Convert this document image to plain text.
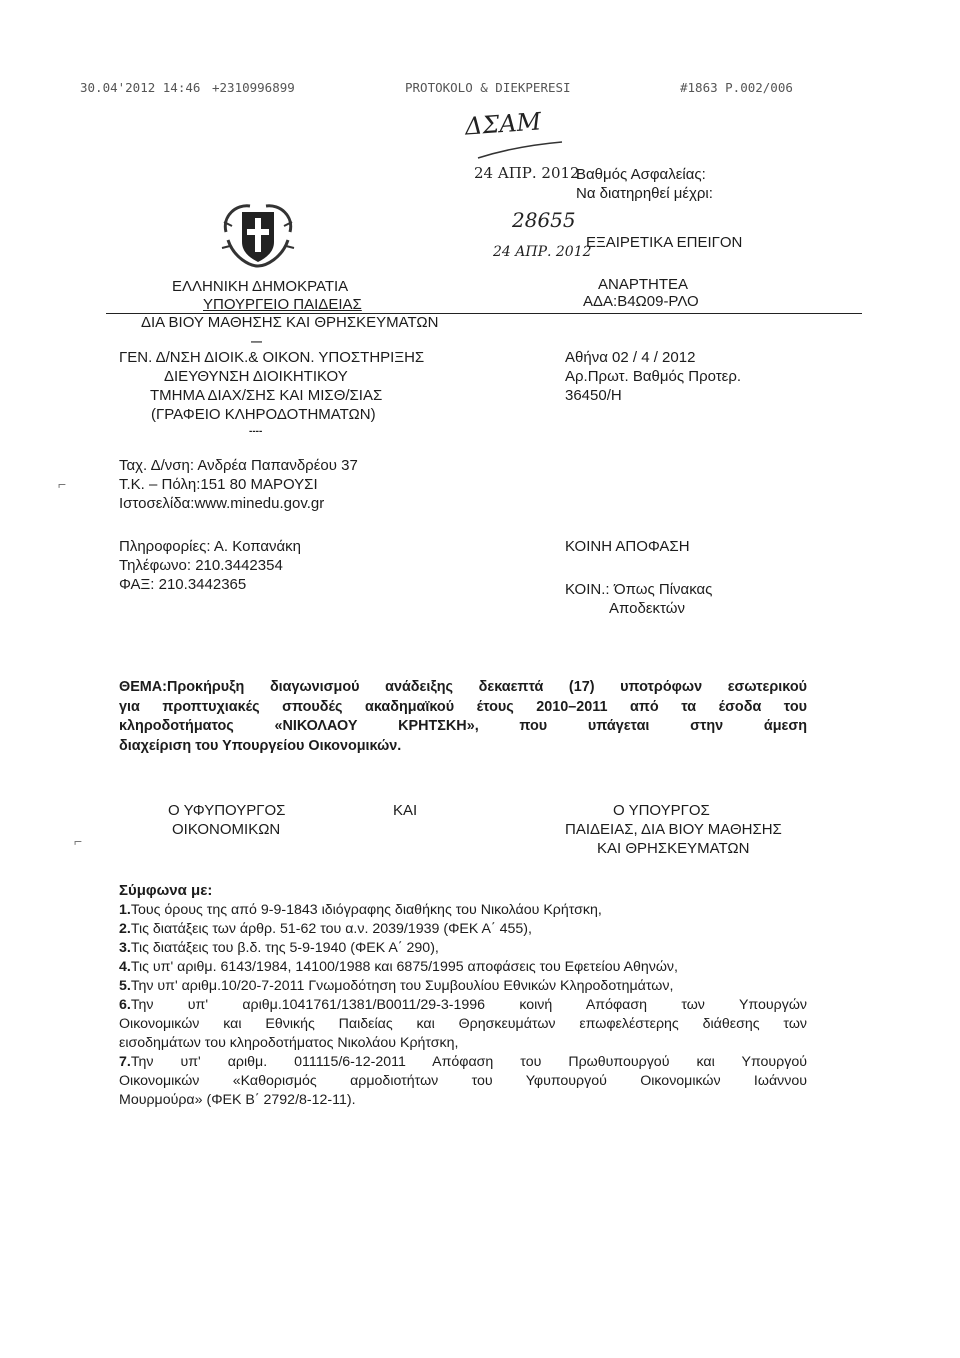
30.04'2012 14:46 +2310996899	PROTOKOLO & DIEKPERESI	#1863 P.002/006
ΔΣΑΜ
24 ΑΠΡ. 2012
28655
24 ΑΠΡ. 2012
Βαθμός Ασφαλείας:
Να διατηρηθεί μέχρι:
ΕΞΑΙΡΕΤΙΚΑ ΕΠΕΙΓΟΝ
ΑΝΑΡΤΗΤΕΑ
ΑΔΑ:Β4Ω09-ΡΛΟ
ΕΛΛΗΝΙΚΗ ΔΗΜΟΚΡΑΤΙΑ
ΥΠΟΥΡΓΕΙΟ ΠΑΙΔΕΙΑΣ
ΔΙΑ ΒΙΟΥ ΜΑΘΗΣΗΣ ΚΑΙ ΘΡΗΣΚΕΥΜΑΤΩΝ
—
ΓΕΝ. Δ/ΝΣΗ ΔΙΟΙΚ.& ΟΙΚΟΝ. ΥΠΟΣΤΗΡΙΞΗΣ
ΔΙΕΥΘΥΝΣΗ ΔΙΟΙΚΗΤΙΚΟΥ
ΤΜΗΜΑ ΔΙΑΧ/ΣΗΣ ΚΑΙ ΜΙΣΘ/ΣΙΑΣ
(ΓΡΑΦΕΙΟ ΚΛΗΡΟΔΟΤΗΜΑΤΩΝ)
----
Ταχ. Δ/νση: Ανδρέα Παπανδρέου 37
Τ.Κ. – Πόλη:151 80 ΜΑΡΟΥΣΙ
Ιστοσελίδα:www.minedu.gov.gr
Πληροφορίες: Α. Κοπανάκη
Τηλέφωνο: 210.3442354
ΦΑΞ: 210.3442365
Αθήνα 02 / 4 / 2012
Αρ.Πρωτ. Βαθμός Προτερ.
36450/Η
ΚΟΙΝΗ ΑΠΟΦΑΣΗ
ΚΟΙΝ.: Όπως Πίνακας
Αποδεκτών
⌐
⌐
ΘΕΜΑ:Προκήρυξη διαγωνισμού ανάδειξης δεκαεπτά (17) υποτρόφων εσωτερικού
για προπτυχιακές σπουδές ακαδημαϊκού έτους 2010–2011 από τα έσοδα του
κληροδοτήματος «ΝΙΚΟΛΑΟΥ ΚΡΗΤΣΚΗ», που υπάγεται στην άμεση
διαχείριση του Υπουργείου Οικονομικών.
Ο ΥΦΥΠΟΥΡΓΟΣ
ΟΙΚΟΝΟΜΙΚΩΝ
ΚΑΙ	Ο ΥΠΟΥΡΓΟΣ
ΠΑΙΔΕΙΑΣ, ΔΙΑ ΒΙΟΥ ΜΑΘΗΣΗΣ
ΚΑΙ ΘΡΗΣΚΕΥΜΑΤΩΝ
Σύμφωνα με:
1.Τους όρους της από 9-9-1843 ιδιόγραφης διαθήκης του Νικολάου Κρήτσκη,
2.Τις διατάξεις των άρθρ. 51-62 του α.ν. 2039/1939 (ΦΕΚ Α΄ 455),
3.Τις διατάξεις του β.δ. της 5-9-1940 (ΦΕΚ Α΄ 290),
4.Τις υπ' αριθμ. 6143/1984, 14100/1988 και 6875/1995 αποφάσεις του Εφετείου Αθηνών,
5.Την υπ' αριθμ.10/20-7-2011 Γνωμοδότηση του Συμβουλίου Εθνικών Κληροδοτημάτων,
6.Την υπ' αριθμ.1041761/1381/Β0011/29-3-1996 κοινή Απόφαση των Υπουργών
Οικονομικών και Εθνικής Παιδείας και Θρησκευμάτων επωφελέστερης διάθεσης των
εισοδημάτων του κληροδοτήματος Νικολάου Κρήτσκη,
7.Την υπ' αριθμ. 011115/6-12-2011 Απόφαση του Πρωθυπουργού και Υπουργού
Οικονομικών «Καθορισμός αρμοδιοτήτων του Υφυπουργού Οικονομικών Ιωάννου
Μουρμούρα» (ΦΕΚ Β΄ 2792/8-12-11).
